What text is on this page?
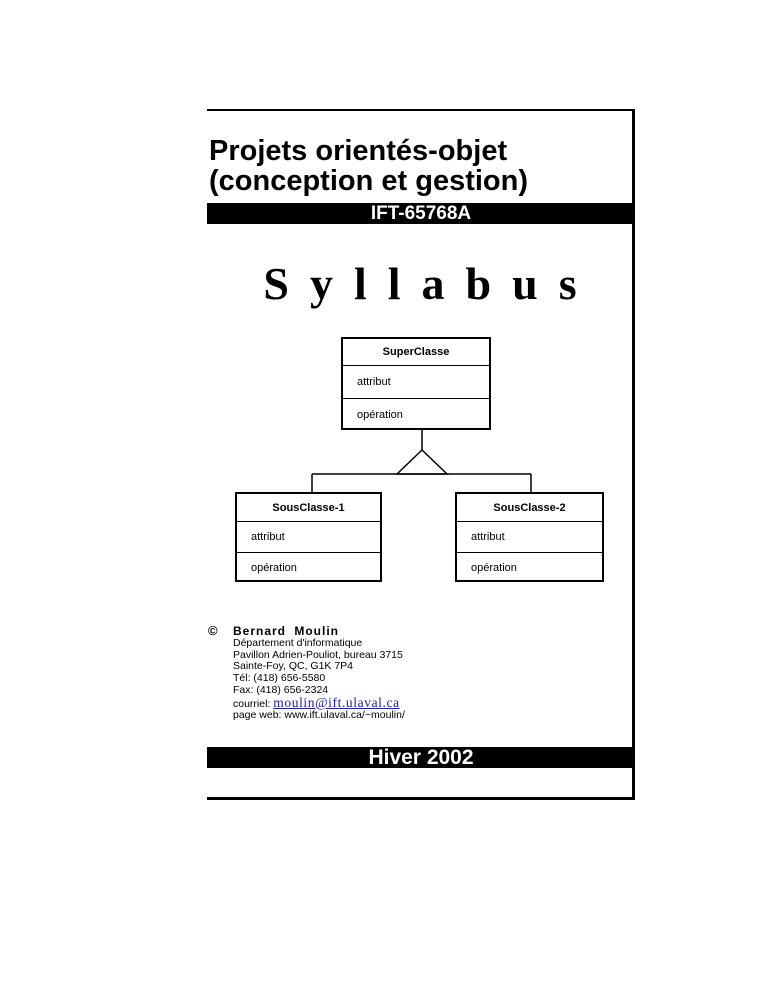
Projets orientés-objet
(conception et gestion)
IFT-65768A
Syllabus
SuperClasse
attribut
opération
SousClasse-1
attribut
opération
SousClasse-2
attribut
opération
© Bernard Moulin
Département d'informatique
Pavillon Adrien-Pouliot, bureau 3715
Sainte-Foy, QC, G1K 7P4
Tél: (418) 656-5580
Fax: (418) 656-2324
courriel: moulin@ift.ulaval.ca
page web: www.ift.ulaval.ca/~moulin/
Hiver 2002
